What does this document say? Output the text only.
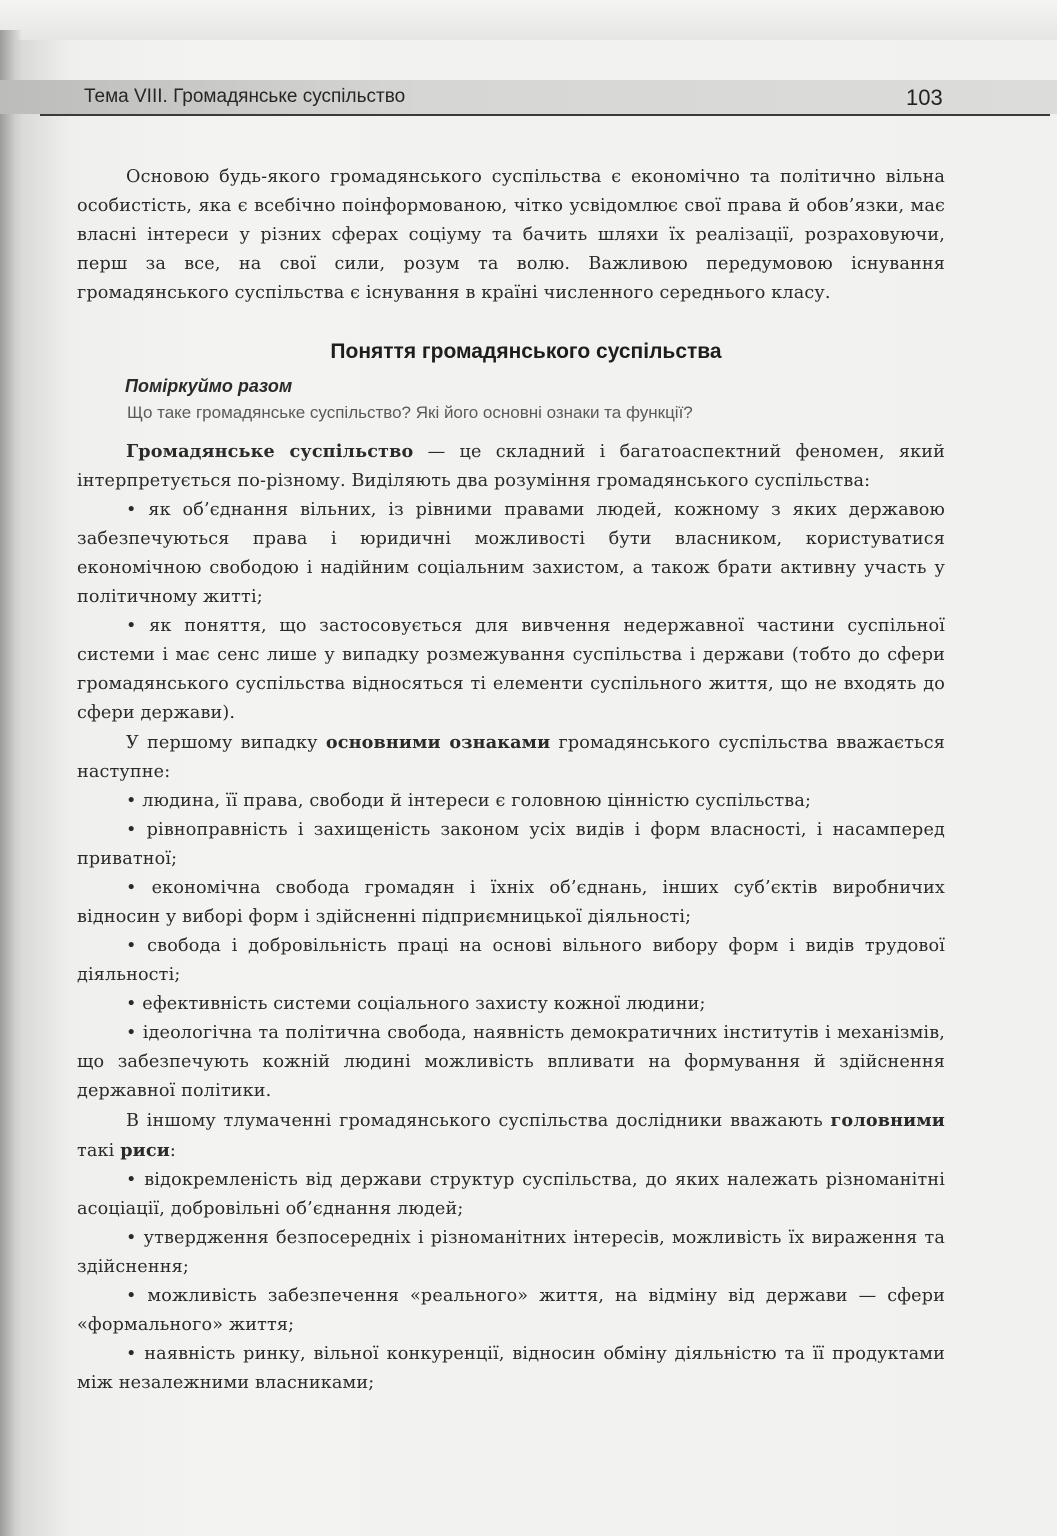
Тема VIII. Громадянське суспільство	103

Основою будь-якого громадянського суспільства є економічно та політично вільна особистість, яка є всебічно поінформованою, чітко усвідомлює свої права й обов’язки, має власні інтереси у різних сферах соціуму та бачить шляхи їх реалізації, розраховуючи, перш за все, на свої сили, розум та волю. Важливою передумовою існування громадянського суспільства є існування в країні численного середнього класу.

Поняття громадянського суспільства
Поміркуймо разом
Що таке громадянське суспільство? Які його основні ознаки та функції?

Громадянське суспільство — це складний і багатоаспектний феномен, який інтерпретується по-різному. Виділяють два розуміння громадянського суспільства:

• як об’єднання вільних, із рівними правами людей, кожному з яких державою забезпечуються права і юридичні можливості бути власником, користуватися економічною свободою і надійним соціальним захистом, а також брати активну участь у політичному житті;

• як поняття, що застосовується для вивчення недержавної частини суспільної системи і має сенс лише у випадку розмежування суспільства і держави (тобто до сфери громадянського суспільства відносяться ті елементи суспільного життя, що не входять до сфери держави).

У першому випадку основними ознаками громадянського суспільства вважається наступне:

• людина, її права, свободи й інтереси є головною цінністю суспільства;

• рівноправність і захищеність законом усіх видів і форм власності, і насамперед приватної;

• економічна свобода громадян і їхніх об’єднань, інших суб’єктів виробничих відносин у виборі форм і здійсненні підприємницької діяльності;

• свобода і добровільність праці на основі вільного вибору форм і видів трудової діяльності;

• ефективність системи соціального захисту кожної людини;

• ідеологічна та політична свобода, наявність демократичних інститутів і механізмів, що забезпечують кожній людині можливість впливати на формування й здійснення державної політики.

В іншому тлумаченні громадянського суспільства дослідники вважають головними такі риси:

• відокремленість від держави структур суспільства, до яких належать різноманітні асоціації, добровільні об’єднання людей;

• утвердження безпосередніх і різноманітних інтересів, можливість їх вираження та здійснення;

• можливість забезпечення «реального» життя, на відміну від держави — сфери «формального» життя;

• наявність ринку, вільної конкуренції, відносин обміну діяльністю та її продуктами між незалежними власниками;
